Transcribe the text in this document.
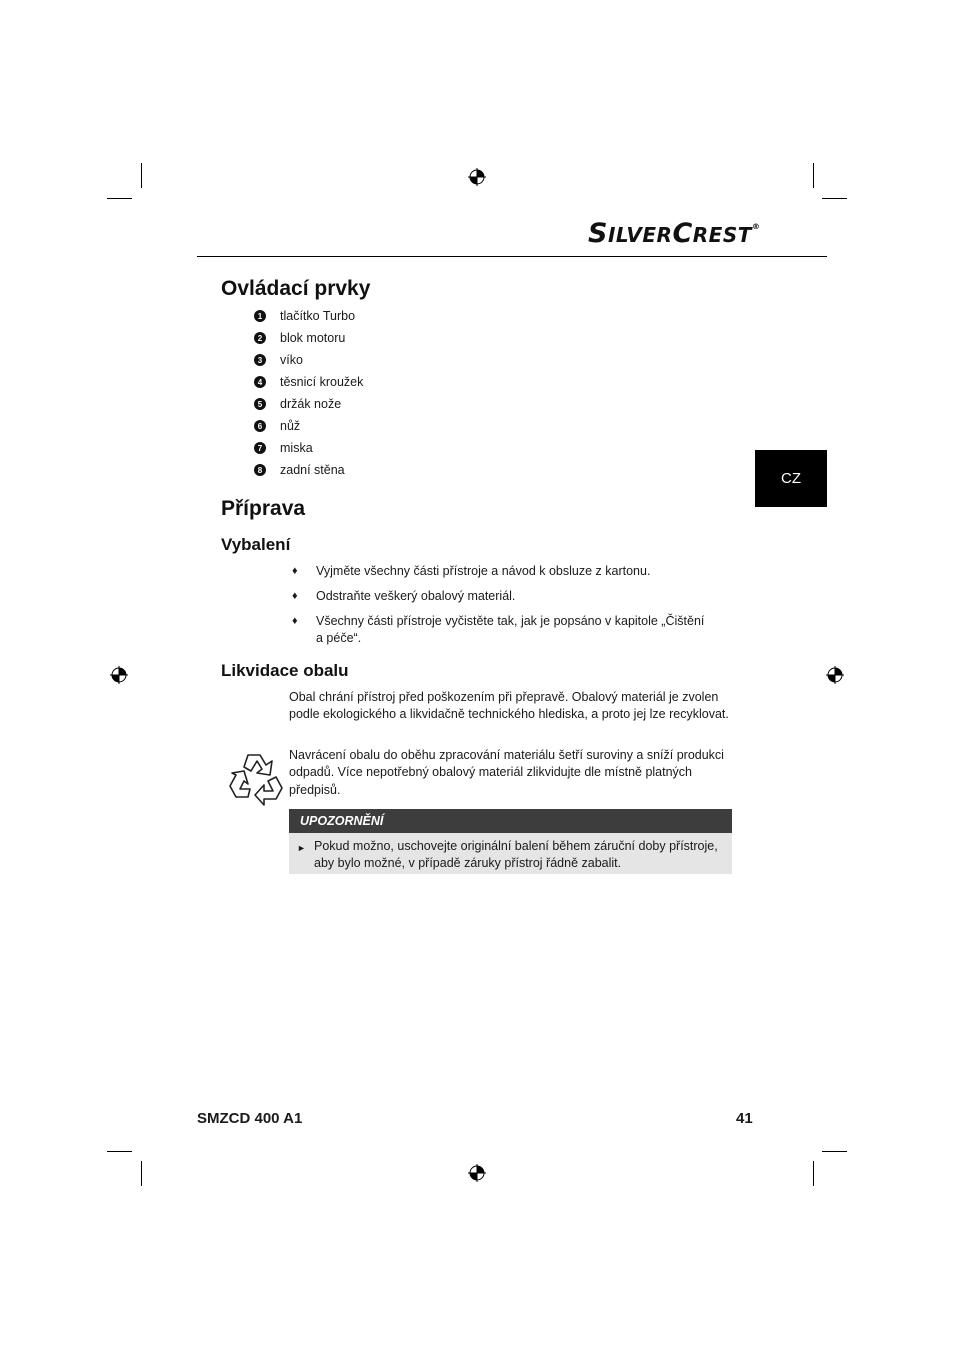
SILVERCREST®
Ovládací prvky
1	tlačítko Turbo
2	blok motoru
3	víko
4	těsnicí kroužek
5	držák nože
6	nůž
7	miska
8	zadní stěna	CZ
Příprava
Vybalení
♦	Vyjměte všechny části přístroje a návod k obsluze z kartonu.
♦	Odstraňte veškerý obalový materiál.
♦	Všechny části přístroje vyčistěte tak, jak je popsáno v kapitole „Čištění a péče“.
Likvidace obalu

Obal chrání přístroj před poškozením při přepravě. Obalový materiál je zvolen podle ekologického a likvidačně technického hlediska, a proto jej lze recyklovat.

Navrácení obalu do oběhu zpracování materiálu šetří suroviny a sníží produkci odpadů. Více nepotřebný obalový materiál zlikvidujte dle místně platných předpisů.

UPOZORNĚNÍ
► Pokud možno, uschovejte originální balení během záruční doby přístroje, aby bylo možné, v případě záruky přístroj řádně zabalit.
SMZCD 400 A1	41
